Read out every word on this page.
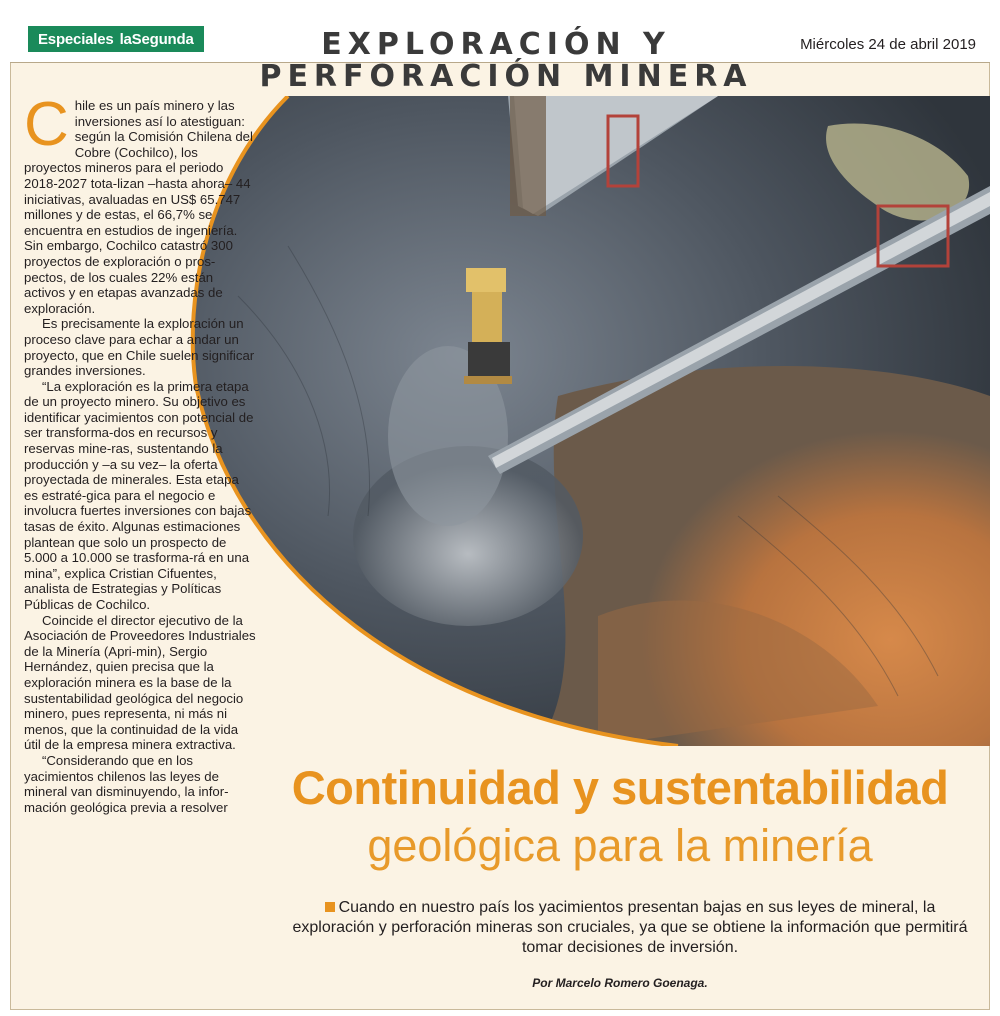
Especiales laSegunda	Miércoles 24 de abril 2019
EXPLORACIÓN Y
PERFORACIÓN MINERA

Chile es un país minero y las inversiones así lo atestiguan: según la Comisión Chilena del Cobre (Cochilco), los proyectos mineros para el periodo 2018-2027 tota-lizan –hasta ahora– 44 iniciativas, avaluadas en US$ 65.747 millones y de estas, el 66,7% se encuentra en estudios de ingeniería. Sin embargo, Cochilco catastró 300 proyectos de exploración o pros-pectos, de los cuales 22% están activos y en etapas avanzadas de exploración.

Es precisamente la exploración un proceso clave para echar a andar un proyecto, que en Chile suelen significar grandes inversiones.

“La exploración es la primera etapa de un proyecto minero. Su objetivo es identificar yacimientos con potencial de ser transforma-dos en recursos y reservas mine-ras, sustentando la producción y –a su vez– la oferta proyectada de minerales. Esta etapa es estraté-gica para el negocio e involucra fuertes inversiones con bajas tasas de éxito. Algunas estimaciones plantean que solo un prospecto de 5.000 a 10.000 se trasforma-rá en una mina”, explica Cristian Cifuentes, analista de Estrategias y Políticas Públicas de Cochilco.

Coincide el director ejecutivo de la Asociación de Proveedores Industriales de la Minería (Apri-min), Sergio Hernández, quien precisa que la exploración minera es la base de la sustentabilidad geológica del negocio minero, pues representa, ni más ni menos, que la continuidad de la vida útil de la empresa minera extractiva.

“Considerando que en los yacimientos chilenos las leyes de mineral van disminuyendo, la infor-mación geológica previa a resolver	Continuidad y sustentabilidad
geológica para la minería
Cuando en nuestro país los yacimientos presentan bajas en sus leyes de mineral, la exploración y perforación mineras son cruciales, ya que se obtiene la información que permitirá tomar decisiones de inversión.
Por Marcelo Romero Goenaga.
